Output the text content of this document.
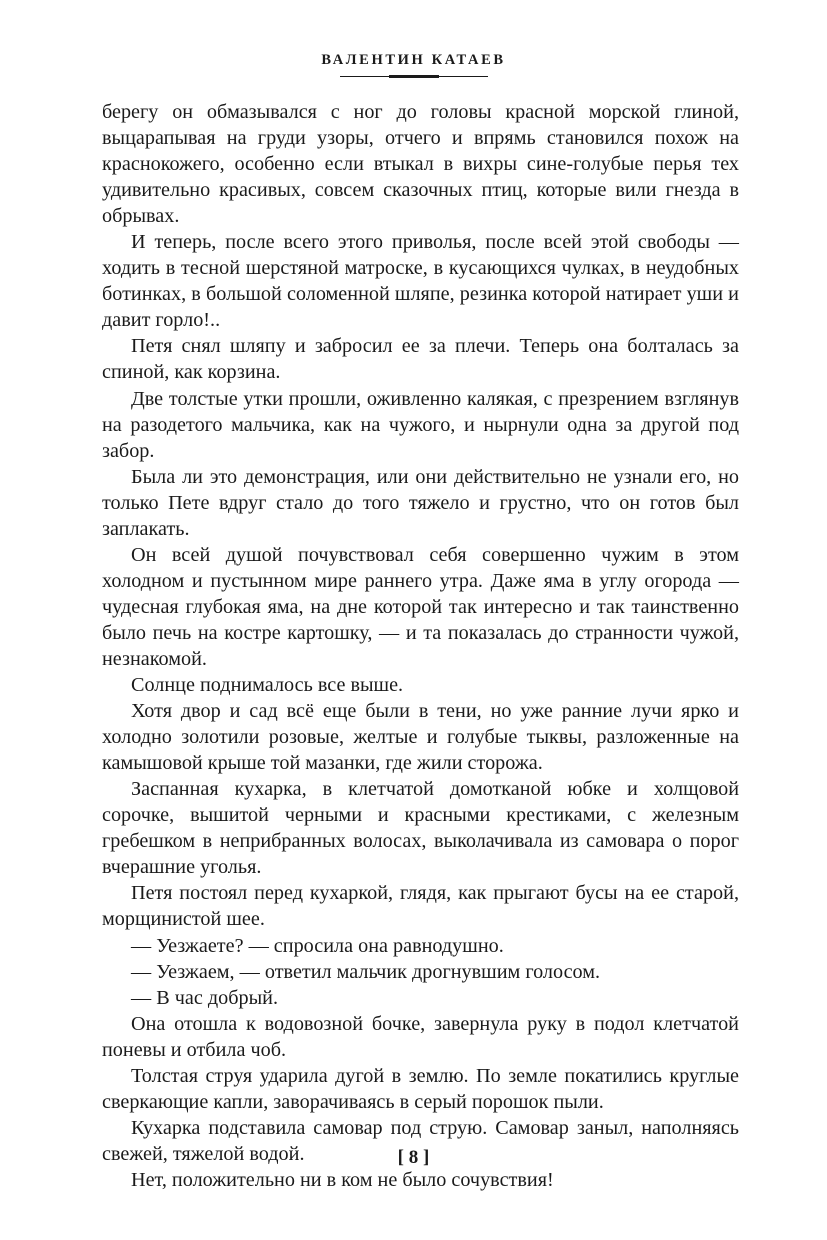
ВАЛЕНТИН КАТАЕВ

берегу он обмазывался с ног до головы красной морской глиной, выцарапывая на груди узоры, отчего и впрямь становился похож на краснокожего, особенно если втыкал в вихры сине-голубые перья тех удивительно красивых, совсем сказочных птиц, которые вили гнезда в обрывах.

И теперь, после всего этого приволья, после всей этой свободы — ходить в тесной шерстяной матроске, в кусающихся чулках, в неудобных ботинках, в большой соломенной шляпе, резинка которой натирает уши и давит горло!..

Петя снял шляпу и забросил ее за плечи. Теперь она болталась за спиной, как корзина.

Две толстые утки прошли, оживленно калякая, с презрением взглянув на разодетого мальчика, как на чужого, и нырнули одна за другой под забор.

Была ли это демонстрация, или они действительно не узнали его, но только Пете вдруг стало до того тяжело и грустно, что он готов был заплакать.

Он всей душой почувствовал себя совершенно чужим в этом холодном и пустынном мире раннего утра. Даже яма в углу огорода — чудесная глубокая яма, на дне которой так интересно и так таинственно было печь на костре картошку, — и та показалась до странности чужой, незнакомой.

Солнце поднималось все выше.

Хотя двор и сад всё еще были в тени, но уже ранние лучи ярко и холодно золотили розовые, желтые и голубые тыквы, разложенные на камышовой крыше той мазанки, где жили сторожа.

Заспанная кухарка, в клетчатой домотканой юбке и холщовой сорочке, вышитой черными и красными крестиками, с железным гребешком в неприбранных волосах, выколачивала из самовара о порог вчерашние уголья.

Петя постоял перед кухаркой, глядя, как прыгают бусы на ее старой, морщинистой шее.

— Уезжаете? — спросила она равнодушно.

— Уезжаем, — ответил мальчик дрогнувшим голосом.

— В час добрый.

Она отошла к водовозной бочке, завернула руку в подол клетчатой поневы и отбила чоб.

Толстая струя ударила дугой в землю. По земле покатились круглые сверкающие капли, заворачиваясь в серый порошок пыли.

Кухарка подставила самовар под струю. Самовар заныл, наполняясь свежей, тяжелой водой.

Нет, положительно ни в ком не было сочувствия!

[ 8 ]
